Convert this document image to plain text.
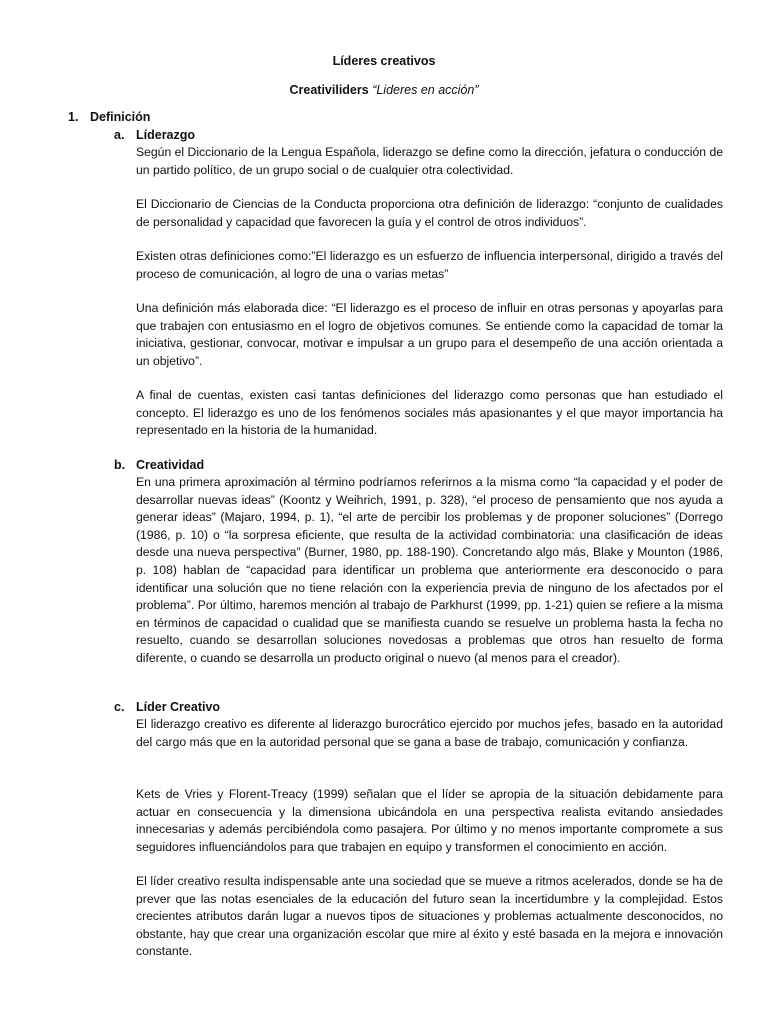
Líderes creativos
Creativiliders “Lideres en acción”
1. Definición
a. Líderazgo

Según el Diccionario de la Lengua Española, liderazgo se define como la dirección, jefatura o conducción de un partido político, de un grupo social o de cualquier otra colectividad.

El Diccionario de Ciencias de la Conducta proporciona otra definición de liderazgo: “conjunto de cualidades de personalidad y capacidad que favorecen la guía y el control de otros individuos”.

Existen otras definiciones como:”El liderazgo es un esfuerzo de influencia interpersonal, dirigido a través del proceso de comunicación, al logro de una o varias metas”

Una definición más elaborada dice: “El liderazgo es el proceso de influir en otras personas y apoyarlas para que trabajen con entusiasmo en el logro de objetivos comunes. Se entiende como la capacidad de tomar la iniciativa, gestionar, convocar, motivar e impulsar a un grupo para el desempeño de una acción orientada a un objetivo”.

A final de cuentas, existen casi tantas definiciones del liderazgo como personas que han estudiado el concepto. El liderazgo es uno de los fenómenos sociales más apasionantes y el que mayor importancia ha representado en la historia de la humanidad.

b. Creatividad

En una primera aproximación al término podríamos referirnos a la misma como “la capacidad y el poder de desarrollar nuevas ideas” (Koontz y Weihrich, 1991, p. 328), “el proceso de pensamiento que nos ayuda a generar ideas” (Majaro, 1994, p. 1), “el arte de percibir los problemas y de proponer soluciones” (Dorrego (1986, p. 10) o “la sorpresa eficiente, que resulta de la actividad combinatoria: una clasificación de ideas desde una nueva perspectiva” (Burner, 1980, pp. 188-190). Concretando algo más, Blake y Mounton (1986, p. 108) hablan de “capacidad para identificar un problema que anteriormente era desconocido o para identificar una solución que no tiene relación con la experiencia previa de ninguno de los afectados por el problema”. Por último, haremos mención al trabajo de Parkhurst (1999, pp. 1-21) quien se refiere a la misma en términos de capacidad o cualidad que se manifiesta cuando se resuelve un problema hasta la fecha no resuelto, cuando se desarrollan soluciones novedosas a problemas que otros han resuelto de forma diferente, o cuando se desarrolla un producto original o nuevo (al menos para el creador).

c. Líder Creativo

El liderazgo creativo es diferente al liderazgo burocrático ejercido por muchos jefes, basado en la autoridad del cargo más que en la autoridad personal que se gana a base de trabajo, comunicación y confianza.

Kets de Vries y Florent-Treacy (1999) señalan que el líder se apropia de la situación debidamente para actuar en consecuencia y la dimensiona ubicándola en una perspectiva realista evitando ansiedades innecesarias y además percibiéndola como pasajera. Por último y no menos importante compromete a sus seguidores influenciándolos para que trabajen en equipo y transformen el conocimiento en acción.

El líder creativo resulta indispensable ante una sociedad que se mueve a ritmos acelerados, donde se ha de prever que las notas esenciales de la educación del futuro sean la incertidumbre y la complejidad. Estos crecientes atributos darán lugar a nuevos tipos de situaciones y problemas actualmente desconocidos, no obstante, hay que crear una organización escolar que mire al éxito y esté basada en la mejora e innovación constante.
